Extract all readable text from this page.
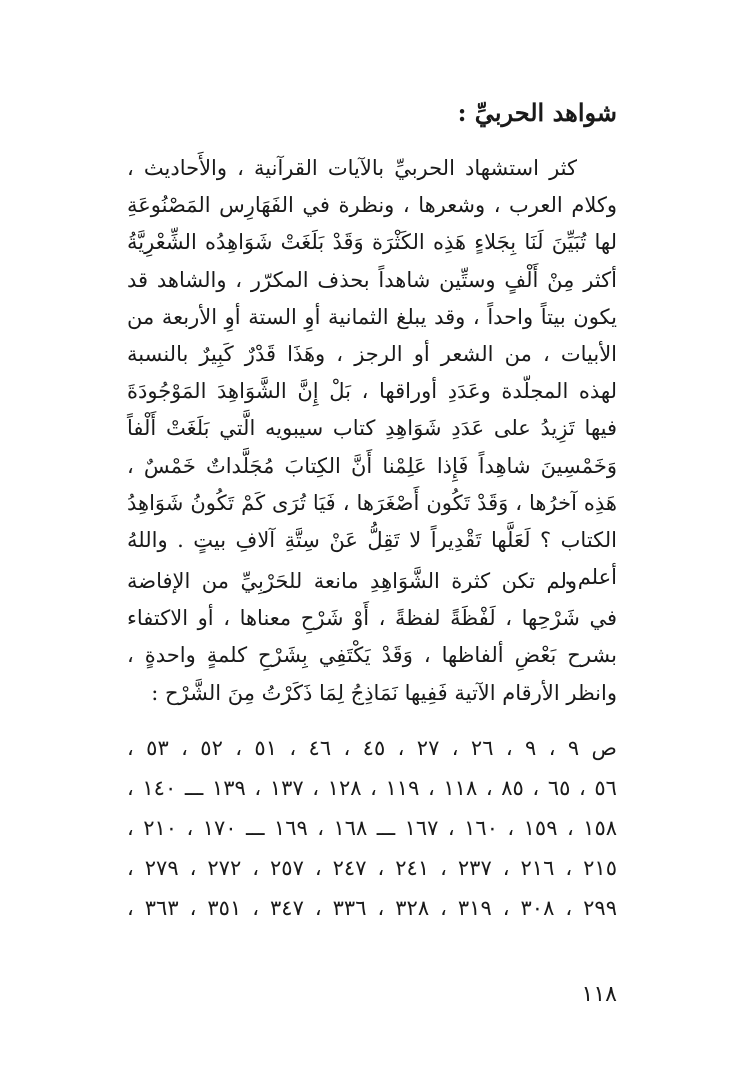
شواهد الحربيِّ :

كثر استشهاد الحربيِّ بالآيات القرآنية ، والأَحاديث ، وكلام العرب ، وشعرها ، ونظرة في الفَهَارِس المَصْنُوعَةِ لها تُبَيِّنَ لَنَا بِجَلاءٍ هَذِه الكَثْرَة وَقَدْ بَلَغَتْ شَوَاهِدُه الشِّعْرِيَّةُ أكثر مِنْ أَلْفٍ وستِّين شاهداً بحذف المكرّر ، والشاهد قد يكون بيتاً واحداً ، وقد يبلغ الثمانية أوِ الستة أوِ الأربعة من الأبيات ، من الشعر أو الرجز ، وهَذَا قَدْرٌ كَبِيرٌ بالنسبة لهذه المجلّدة وعَدَدِ أوراقها ، بَلْ إِنَّ الشَّوَاهِدَ المَوْجُودَةَ فيها تَزِيدُ على عَدَدِ شَوَاهِدِ كتاب سيبويه الَّتي بَلَغَتْ أَلْفاً وَخَمْسِينَ شاهِداً فَإِذا عَلِمْنا أَنَّ الكِتابَ مُجَلَّداتٌ خَمْسٌ ، هَذِه آخرُها ، وَقَدْ تَكُون أَصْغَرَها ، فَيَا تُرَى كَمْ تَكُونُ شَوَاهِدُ الكتاب ؟ لَعَلَّها تَقْدِيراً لا تَقِلُّ عَنْ سِتَّةِ آلافِ بيتٍ . واللهُ أعلم .

ولم تكن كثرة الشَّوَاهِدِ مانعة للحَرْبِيِّ من الإفاضة في شَرْحِها ، لَفْظَةً لفظةً ، أَوْ شَرْحِ معناها ، أو الاكتفاء بشرح بَعْضِ ألفاظها ، وَقَدْ يَكْتَفِي بِشَرْحِ كلمةٍ واحدةٍ ، وانظر الأرقام الآتية فَفِيها نَمَاذِجُ لِمَا ذَكَرْتُ مِنَ الشَّرْح :

ص ٩ ، ٩ ، ٢٦ ، ٢٧ ، ٤٥ ، ٤٦ ، ٥١ ، ٥٢ ، ٥٣ ،
٥٦ ، ٦٥ ، ٨٥ ، ١١٨ ، ١١٩ ، ١٢٨ ، ١٣٧ ، ١٣٩ ـــ ١٤٠ ،
١٥٨ ، ١٥٩ ، ١٦٠ ، ١٦٧ ـــ ١٦٨ ، ١٦٩ ـــ ١٧٠ ، ٢١٠ ،
٢١٥ ، ٢١٦ ، ٢٣٧ ، ٢٤١ ، ٢٤٧ ، ٢٥٧ ، ٢٧٢ ، ٢٧٩ ،
٢٩٩ ، ٣٠٨ ، ٣١٩ ، ٣٢٨ ، ٣٣٦ ، ٣٤٧ ، ٣٥١ ، ٣٦٣ ،
١١٨
